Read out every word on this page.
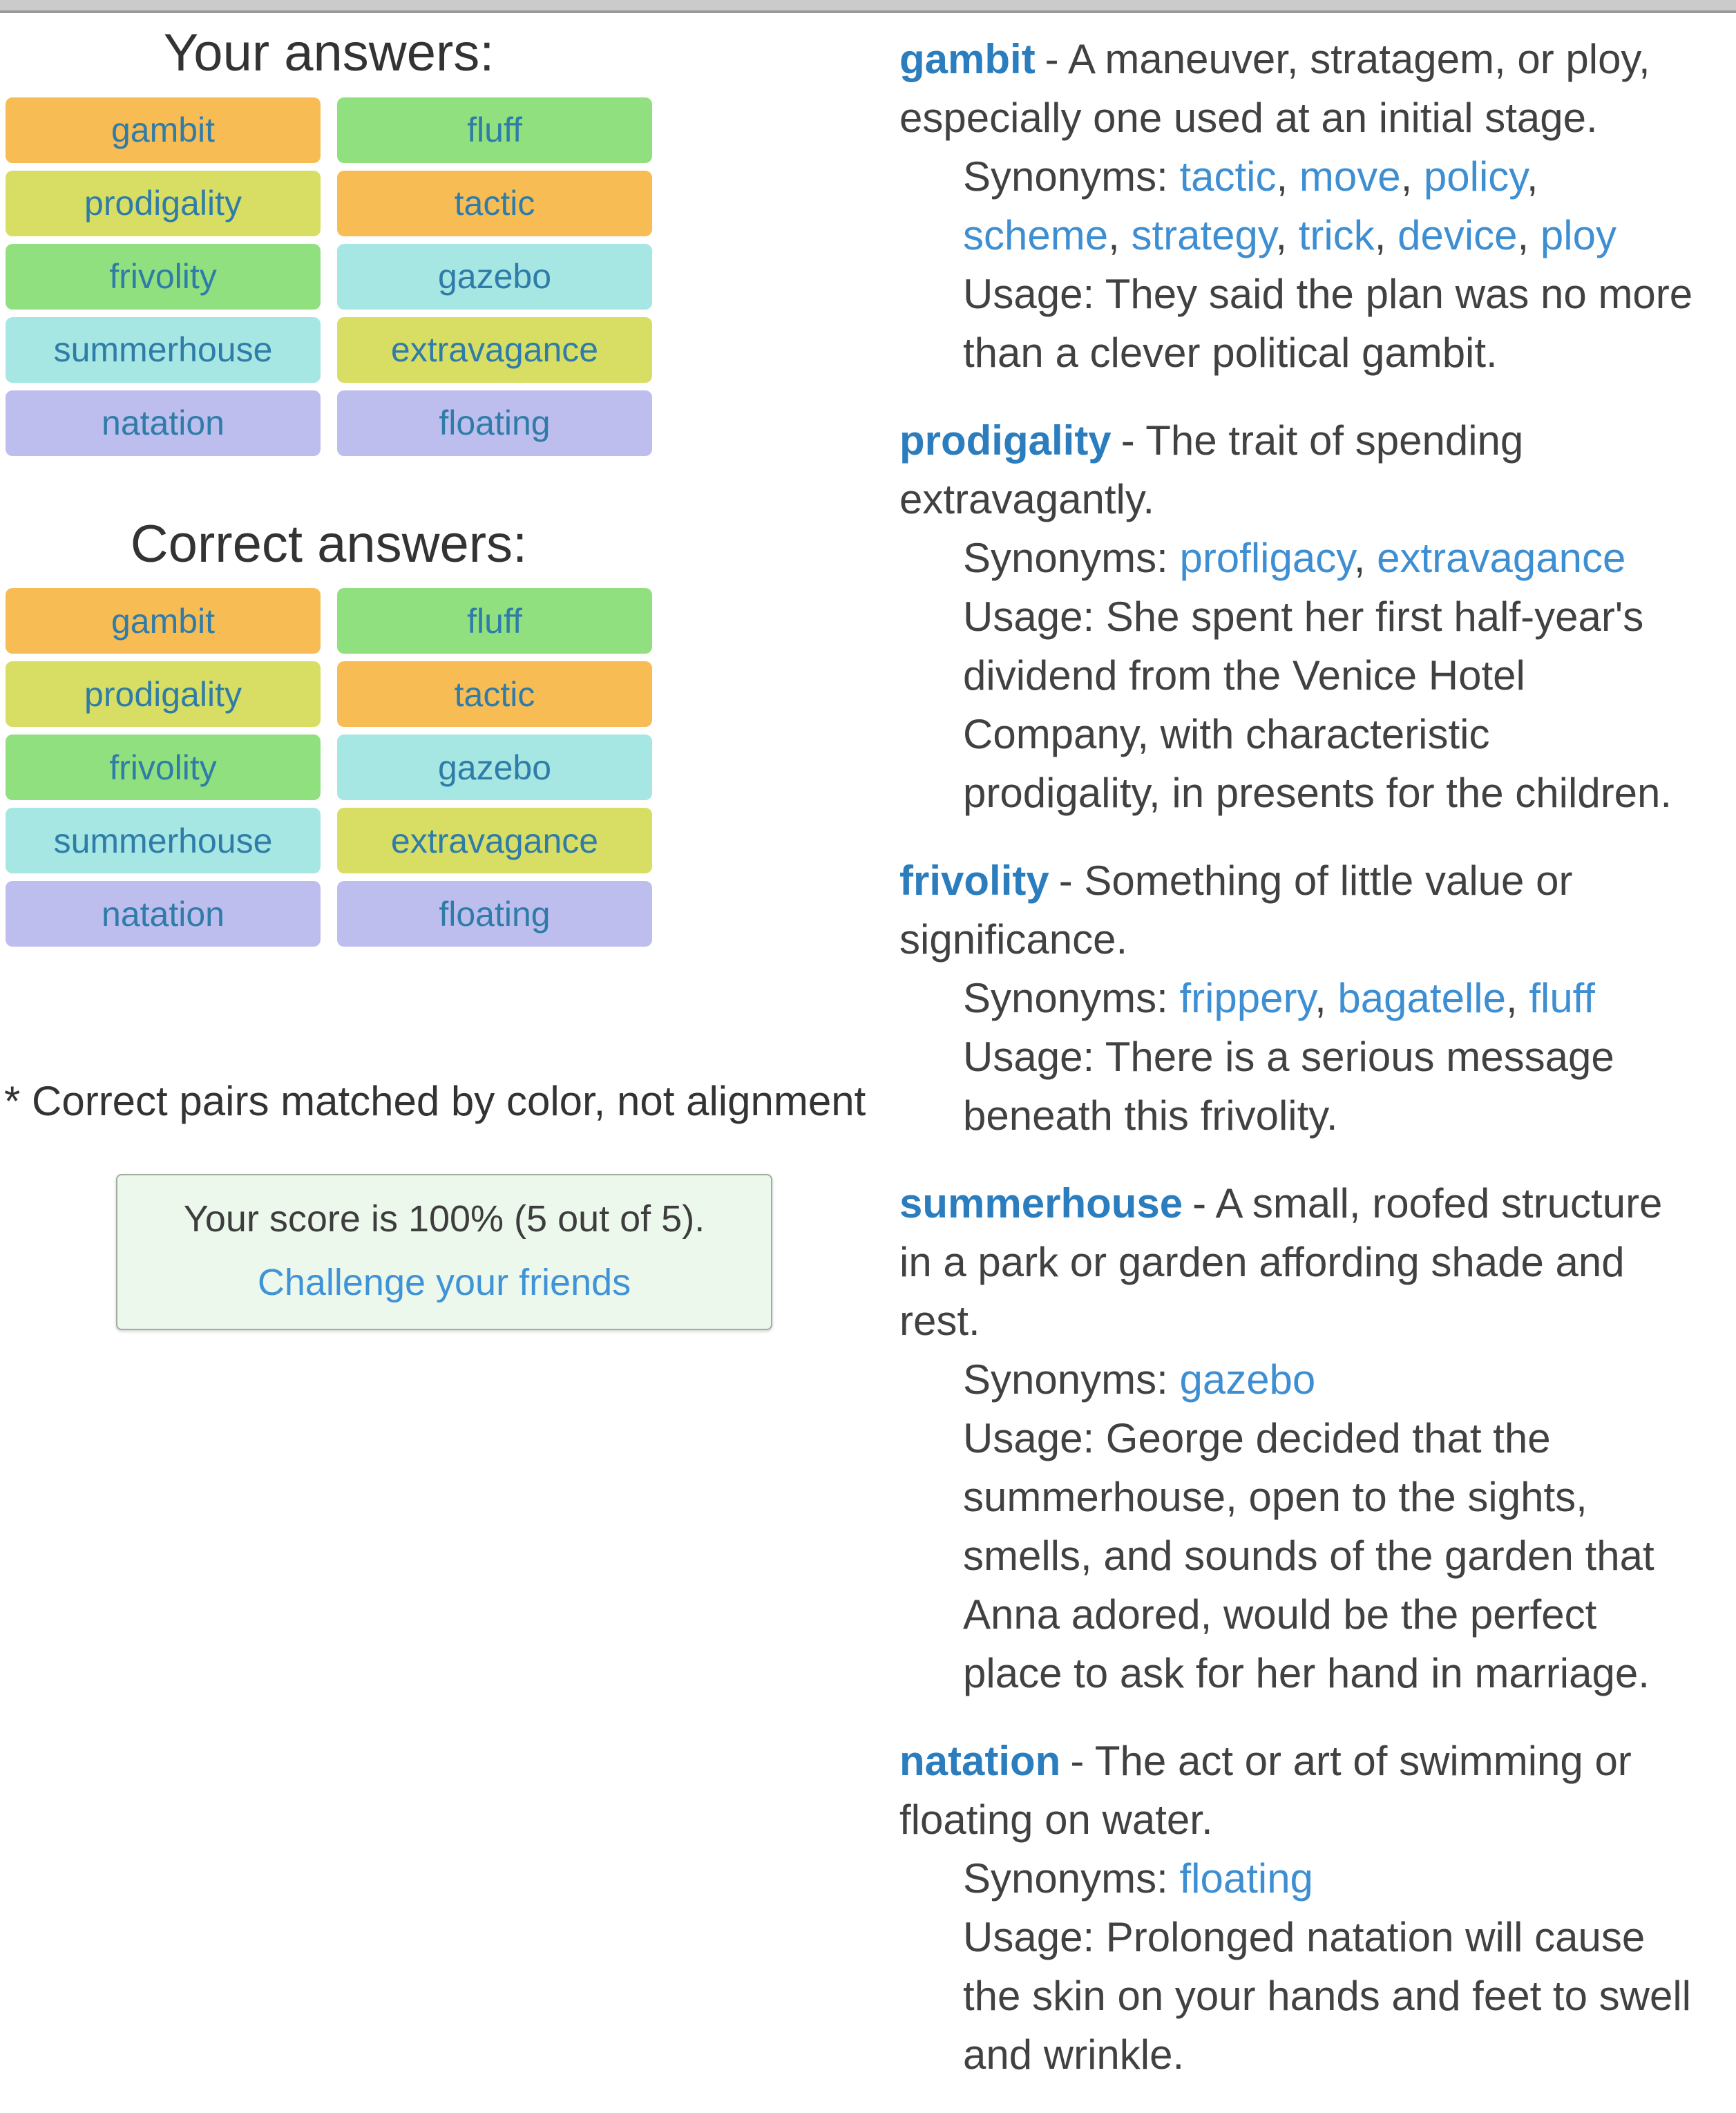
Your answers:
gambit	fluff
prodigality	tactic
frivolity	gazebo
summerhouse	extravagance
natation	floating
Correct answers:
gambit	fluff
prodigality	tactic
frivolity	gazebo
summerhouse	extravagance
natation	floating

* Correct pairs matched by color, not alignment

Your score is 100% (5 out of 5).
Challenge your friends

gambit - A maneuver, stratagem, or ploy, especially one used at an initial stage.

Synonyms: tactic, move, policy, scheme, strategy, trick, device, ploy

Usage: They said the plan was no more than a clever political gambit.

prodigality - The trait of spending extravagantly.

Synonyms: profligacy, extravagance

Usage: She spent her first half-year's dividend from the Venice Hotel Company, with characteristic prodigality, in presents for the children.

frivolity - Something of little value or significance.

Synonyms: frippery, bagatelle, fluff

Usage: There is a serious message beneath this frivolity.

summerhouse - A small, roofed structure in a park or garden affording shade and rest.

Synonyms: gazebo

Usage: George decided that the summerhouse, open to the sights, smells, and sounds of the garden that Anna adored, would be the perfect place to ask for her hand in marriage.

natation - The act or art of swimming or floating on water.

Synonyms: floating

Usage: Prolonged natation will cause the skin on your hands and feet to swell and wrinkle.
